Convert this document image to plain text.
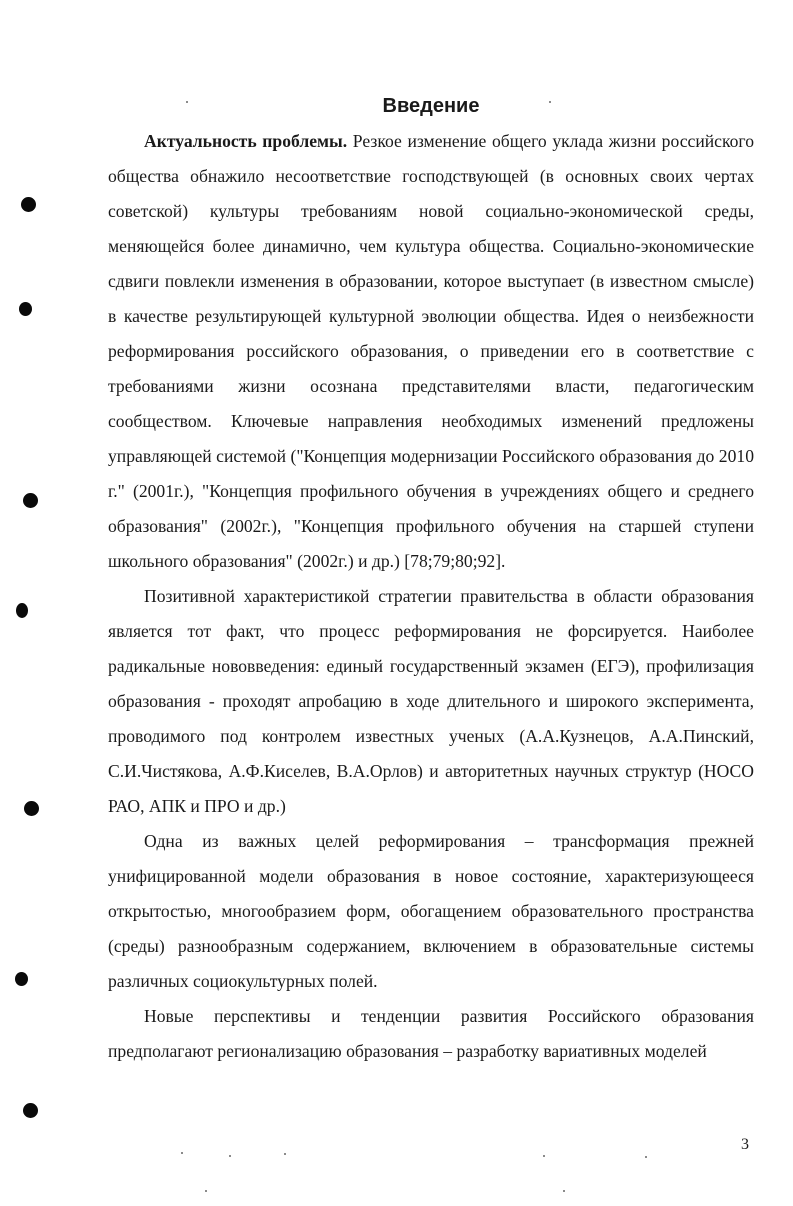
Введение

Актуальность проблемы. Резкое изменение общего уклада жизни российского общества обнажило несоответствие господствующей (в основных своих чертах советской) культуры требованиям новой социально-экономической среды, меняющейся более динамично, чем культура общества. Социально-экономические сдвиги повлекли изменения в образовании, которое выступает (в известном смысле) в качестве результирующей культурной эволюции общества. Идея о неизбежности реформирования российского образования, о приведении его в соответствие с требованиями жизни осознана представителями власти, педагогическим сообществом. Ключевые направления необходимых изменений предложены управляющей системой ("Концепция модернизации Российского образования до 2010 г." (2001г.), "Концепция профильного обучения в учреждениях общего и среднего образования" (2002г.), "Концепция профильного обучения на старшей ступени школьного образования" (2002г.) и др.) [78;79;80;92].

Позитивной характеристикой стратегии правительства в области образования является тот факт, что процесс реформирования не форсируется. Наиболее радикальные нововведения: единый государственный экзамен (ЕГЭ), профилизация образования - проходят апробацию в ходе длительного и широкого эксперимента, проводимого под контролем известных ученых (А.А.Кузнецов, А.А.Пинский, С.И.Чистякова, А.Ф.Киселев, В.А.Орлов) и авторитетных научных структур (НОСО РАО, АПК и ПРО и др.)

Одна из важных целей реформирования – трансформация прежней унифицированной модели образования в новое состояние, характеризующееся открытостью, многообразием форм, обогащением образовательного пространства (среды) разнообразным содержанием, включением в образовательные системы различных социокультурных полей.

Новые перспективы и тенденции развития Российского образования предполагают регионализацию образования – разработку вариативных моделей

3
